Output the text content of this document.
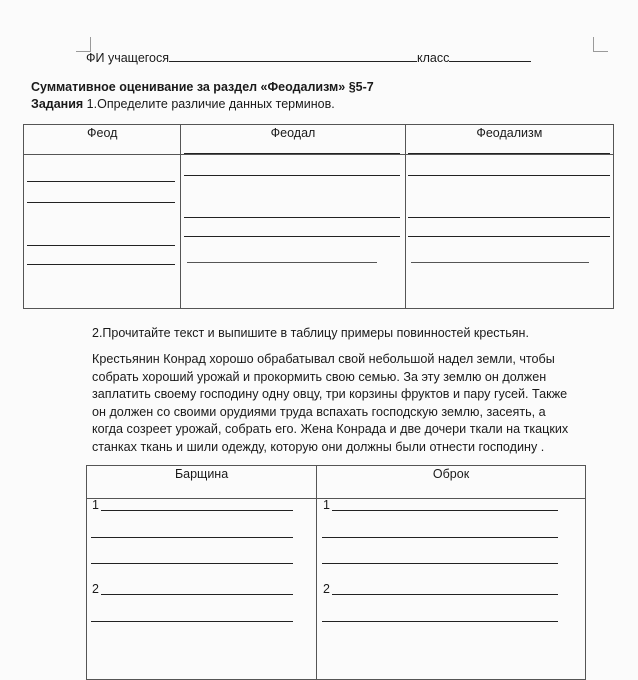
ФИ учащегося	класс
Суммативное оценивание за раздел «Феодализм» §5-7
Задания 1.Определите различие данных терминов.
Феод	Феодал	Феодализм

2.Прочитайте текст и выпишите в таблицу примеры повинностей крестьян.
Крестьянин Конрад хорошо обрабатывал свой небольшой надел земли, чтобы
собрать хороший урожай и прокормить свою семью. За эту землю он должен
заплатить своему господину одну овцу, три корзины фруктов и пару гусей. Также
он должен со своими орудиями труда вспахать господскую землю, засеять, а
когда созреет урожай, собрать его. Жена Конрада и две дочери ткали на ткацких
станках ткань и шили одежду, которую они должны были отнести господину .
Барщина	Оброк

1	1
2	2
